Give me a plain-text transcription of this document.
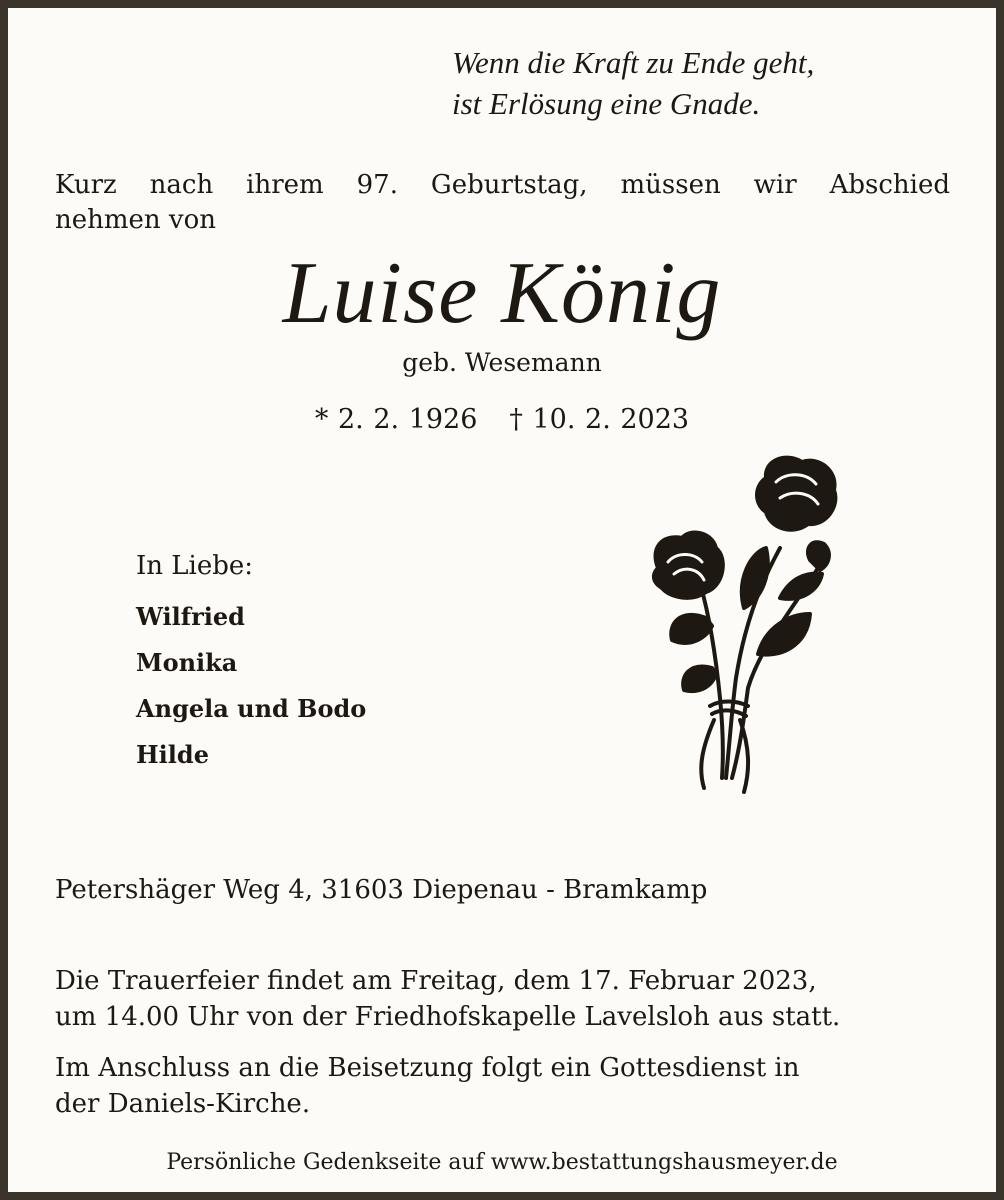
Wenn die Kraft zu Ende geht,
ist Erlösung eine Gnade.
Kurz nach ihrem 97. Geburtstag, müssen wir Abschied
nehmen von
Luise König
geb. Wesemann
* 2. 2. 1926 † 10. 2. 2023
In Liebe:
Wilfried
Monika
Angela und Bodo
Hilde
Petershäger Weg 4, 31603 Diepenau - Bramkamp
Die Trauerfeier findet am Freitag, dem 17. Februar 2023,
um 14.00 Uhr von der Friedhofskapelle Lavelsloh aus statt.
Im Anschluss an die Beisetzung folgt ein Gottesdienst in
der Daniels-Kirche.
Persönliche Gedenkseite auf www.bestattungshausmeyer.de
